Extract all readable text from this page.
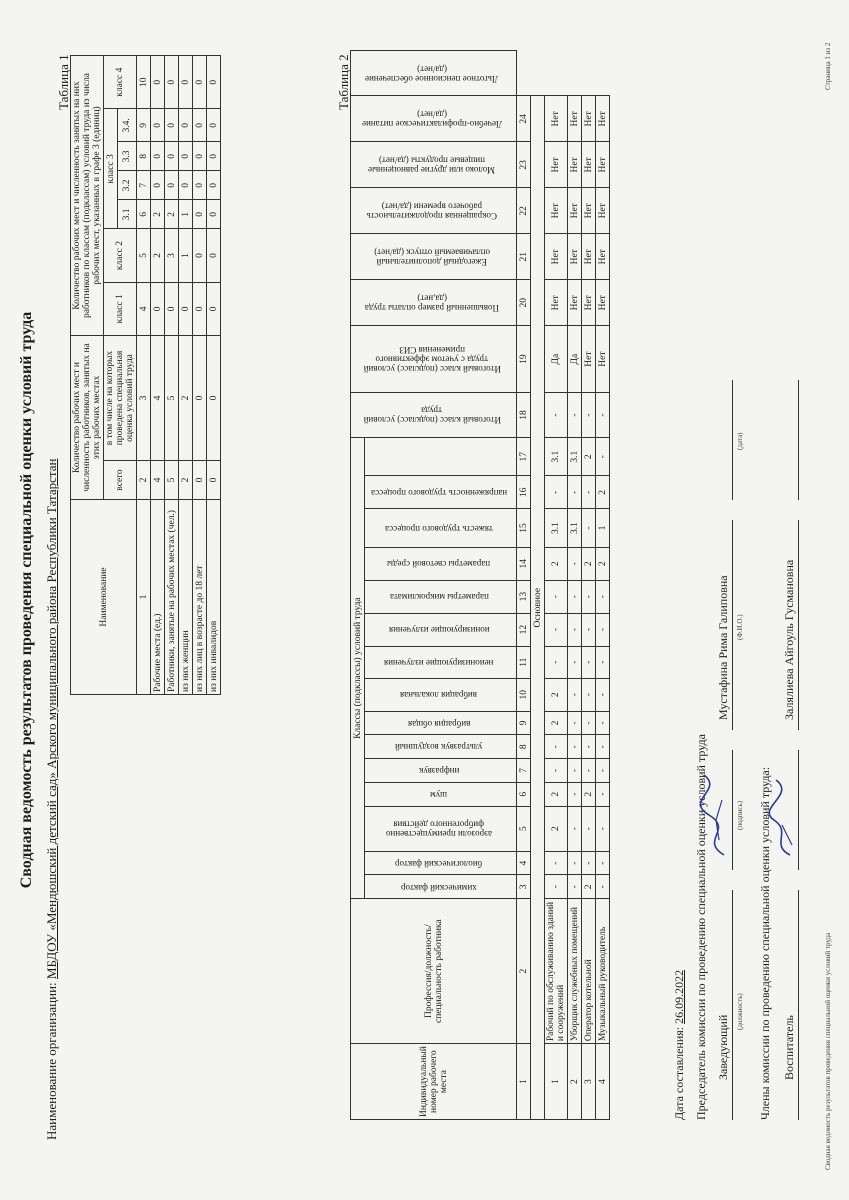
Сводная ведомость результатов проведения специальной оценки условий труда
Наименование организации: МБДОУ «Мендюшский детский сад» Арского муниципального района Республики Татарстан
Таблица 1
Наименование	Количество рабочих мест и численность работников, занятых на этих рабочих местах		Количество рабочих мест и численность занятых на них работников по классам (подклассам) условий труда из числа рабочих мест, указанных в графе 3 (единиц)						
	всего	в том числе на которых проведена специальная оценка условий труда	класс 1	класс 2	класс 3				класс 4
					3.1	3.2	3.3	3.4.	

1	2	3	4	5	6	7	8	9	10
Рабочие места (ед.)	4	4	0	2	2	0	0	0	0
Работники, занятые на рабочих местах (чел.)	5	5	0	3	2	0	0	0	0
из них женщин	2	2	0	1	1	0	0	0	0
из них лиц в возрасте до 18 лет	0	0	0	0	0	0	0	0	0
из них инвалидов	0	0	0	0	0	0	0	0	0	Таблица 2
Индивидуальный номер рабочего места	Профессия/должность/специальность работника	Классы (подклассы) условий труда															Итоговый класс (подкласс) условий труда	Итоговый класс (подкласс) условий труда с учетом эффективного применения СИЗ	Повышенный размер оплаты труда (да,нет)	Ежегодный дополнительный оплачиваемый отпуск (да/нет)	Сокращенная продолжительность рабочего времени (да/нет)	Молоко или другие равноценные пищевые продукты (да/нет)	Лечебно-профилактическое питание (да/нет)	Льготное пенсионное обеспечение (да/нет)
		химический фактор	биологический фактор	аэрозоли преимущественно фиброгенного действия	шум	инфразвук	ультразвук воздушный	вибрация общая	вибрация локальная	неионизирующие излучения	ионизирующие излучения	параметры микроклимата	параметры световой среды	тяжесть трудового процесса	напряженность трудового процесса									
1	2	3	4	5	6	7	8	9	10	11	12	13	14	15	16	17	18	19	20	21	22	23	24	
Основное																								
1	Рабочий по обслуживанию зданий и сооружений	-	-	2	2	-	-	2	2	-	-	-	2	3.1	-	3.1	-	Да	Нет	Нет	Нет	Нет	Нет	
2	Уборщик служебных помещений	-	-	-	-	-	-	-	-	-	-	-	-	3.1	-	3.1	-	Да	Нет	Нет	Нет	Нет	Нет	
3	Оператор котельной	2	-	-	2	-	-	-	-	-	-	-	2	-	-	2	-	Нет	Нет	Нет	Нет	Нет	Нет	
4	Музыкальный руководитель	-	-	-	-	-	-	-	-	-	-	-	2	1	2	-	-	Нет	Нет	Нет	Нет	Нет	Нет	
Дата составления: 26.09.2022 Председатель комиссии по проведению специальной оценки условий труда Заведующий
Мустафина Рима Галиповна
(должность)
(подпись)
(Ф.И.О.)
(дата)
Члены комиссии по проведению специальной оценки условий труда: Воспитатель
Залялиева Айгоуль Гусмановна
Сводная ведомость результатов проведения специальной оценки условий труда
Страница 1 из 2
